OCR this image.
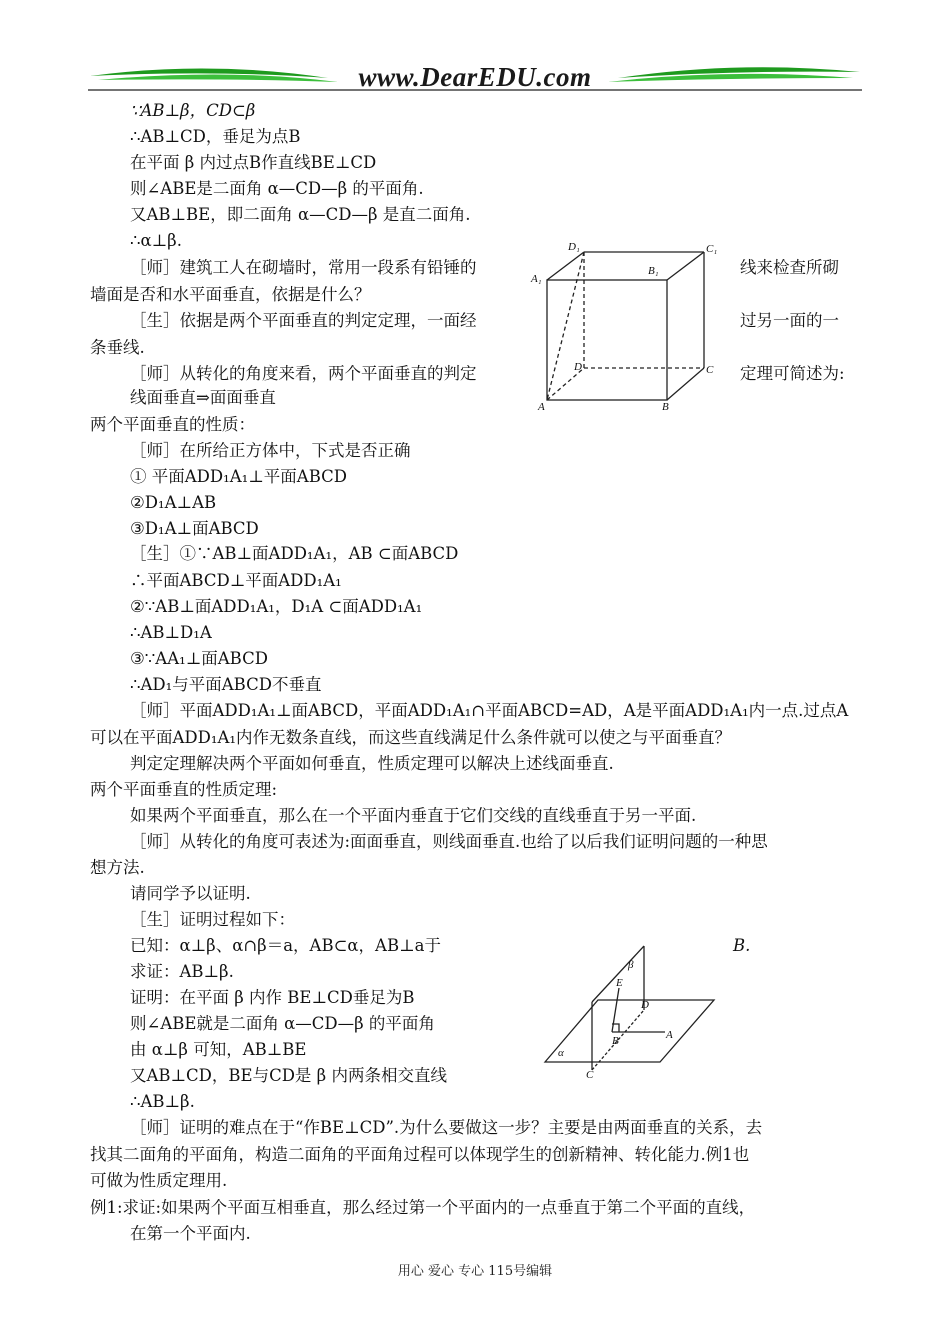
www.DearEDU.com
∵AB⊥β，CD⊂β
∴AB⊥CD，垂足为点B
在平面 β 内过点B作直线BE⊥CD
则∠ABE是二面角 α—CD—β 的平面角.
又AB⊥BE，即二面角 α—CD—β 是直二面角.
∴α⊥β.
［师］建筑工人在砌墙时，常用一段系有铅锤的	线来检查所砌
墙面是否和水平面垂直，依据是什么？
［生］依据是两个平面垂直的判定定理，一面经	过另一面的一
条垂线.
［师］从转化的角度来看，两个平面垂直的判定	定理可简述为:
线面垂直⇒面面垂直
两个平面垂直的性质：
［师］在所给正方体中，下式是否正确
① 平面ADD₁A₁⊥平面ABCD
②D₁A⊥AB
③D₁A⊥面ABCD
［生］①∵AB⊥面ADD₁A₁，AB ⊂面ABCD
∴平面ABCD⊥平面ADD₁A₁
②∵AB⊥面ADD₁A₁，D₁A ⊂面ADD₁A₁
∴AB⊥D₁A
③∵AA₁⊥面ABCD
∴AD₁与平面ABCD不垂直
［师］平面ADD₁A₁⊥面ABCD，平面ADD₁A₁∩平面ABCD=AD，A是平面ADD₁A₁内一点.过点A
可以在平面ADD₁A₁内作无数条直线，而这些直线满足什么条件就可以使之与平面垂直？
判定定理解决两个平面如何垂直，性质定理可以解决上述线面垂直.
两个平面垂直的性质定理:
如果两个平面垂直，那么在一个平面内垂直于它们交线的直线垂直于另一平面.
［师］从转化的角度可表述为:面面垂直，则线面垂直.也给了以后我们证明问题的一种思
想方法.
请同学予以证明.
［生］证明过程如下：
已知：α⊥β、α∩β＝a，AB⊂α，AB⊥a于	B.
求证：AB⊥β.
证明：在平面 β 内作 BE⊥CD垂足为B
则∠ABE就是二面角 α—CD—β 的平面角
由 α⊥β 可知，AB⊥BE
又AB⊥CD，BE与CD是 β 内两条相交直线
∴AB⊥β.
［师］证明的难点在于“作BE⊥CD”.为什么要做这一步？主要是由两面垂直的关系，去
找其二面角的平面角，构造二面角的平面角过程可以体现学生的创新精神、转化能力.例1也
可做为性质定理用.
例1:求证:如果两个平面互相垂直，那么经过第一个平面内的一点垂直于第二个平面的直线，
在第一个平面内.
D₁	C₁
A₁
B₁
D	C
A	B
β
E
D
A
α
B
C
用心 爱心 专心 115号编辑
